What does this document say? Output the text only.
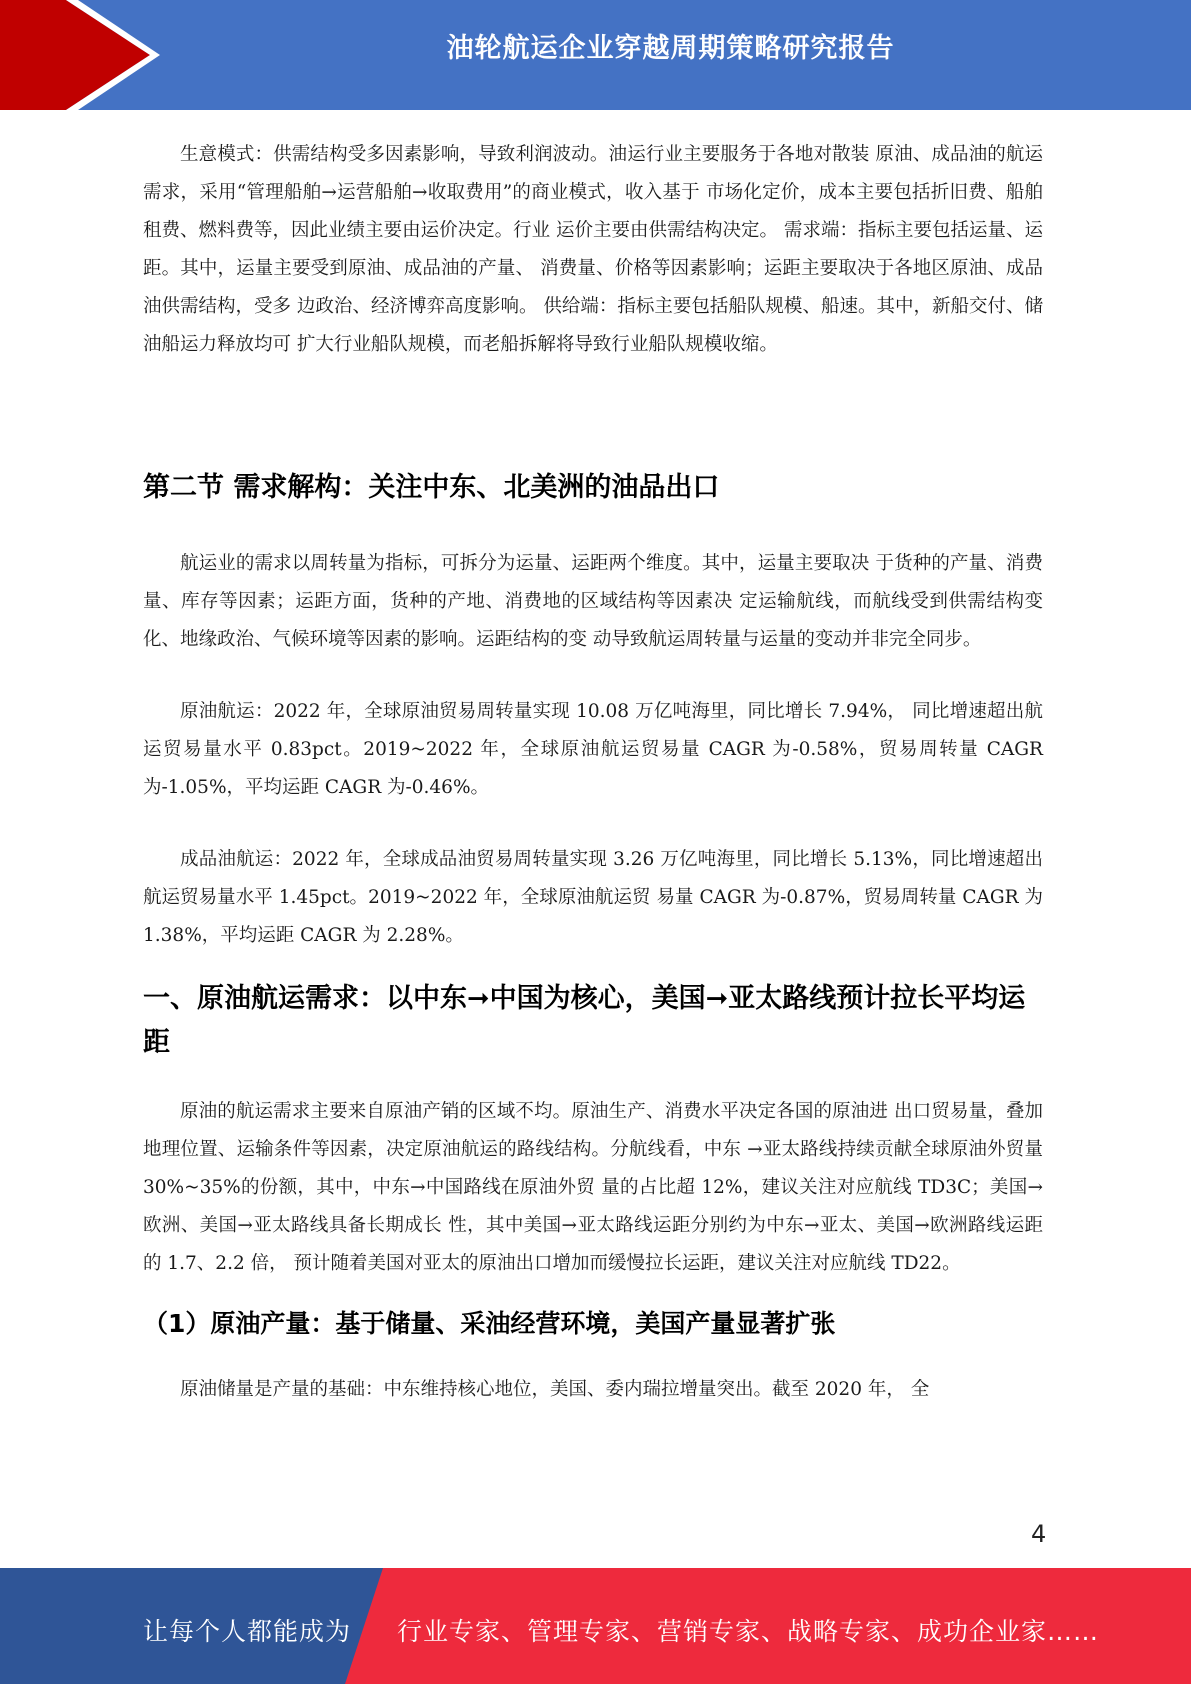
油轮航运企业穿越周期策略研究报告

生意模式：供需结构受多因素影响，导致利润波动。油运行业主要服务于各地对散装 原油、成品油的航运需求，采用“管理船舶→运营船舶→收取费用”的商业模式，收入基于 市场化定价，成本主要包括折旧费、船舶租费、燃料费等，因此业绩主要由运价决定。行业 运价主要由供需结构决定。 需求端：指标主要包括运量、运距。其中，运量主要受到原油、成品油的产量、 消费量、价格等因素影响；运距主要取决于各地区原油、成品油供需结构，受多 边政治、经济博弈高度影响。 供给端：指标主要包括船队规模、船速。其中，新船交付、储油船运力释放均可 扩大行业船队规模，而老船拆解将导致行业船队规模收缩。

第二节 需求解构：关注中东、北美洲的油品出口

航运业的需求以周转量为指标，可拆分为运量、运距两个维度。其中，运量主要取决 于货种的产量、消费量、库存等因素；运距方面，货种的产地、消费地的区域结构等因素决 定运输航线，而航线受到供需结构变化、地缘政治、气候环境等因素的影响。运距结构的变 动导致航运周转量与运量的变动并非完全同步。

原油航运：2022 年，全球原油贸易周转量实现 10.08 万亿吨海里，同比增长 7.94%， 同比增速超出航运贸易量水平 0.83pct。2019~2022 年，全球原油航运贸易量 CAGR 为-0.58%，贸易周转量 CAGR 为-1.05%，平均运距 CAGR 为-0.46%。

成品油航运：2022 年，全球成品油贸易周转量实现 3.26 万亿吨海里，同比增长 5.13%，同比增速超出航运贸易量水平 1.45pct。2019~2022 年，全球原油航运贸 易量 CAGR 为-0.87%，贸易周转量 CAGR 为 1.38%，平均运距 CAGR 为 2.28%。

一、原油航运需求：以中东➞中国为核心，美国➞亚太路线预计拉长平均运距

原油的航运需求主要来自原油产销的区域不均。原油生产、消费水平决定各国的原油进 出口贸易量，叠加地理位置、运输条件等因素，决定原油航运的路线结构。分航线看，中东 →亚太路线持续贡献全球原油外贸量 30%~35%的份额，其中，中东→中国路线在原油外贸 量的占比超 12%，建议关注对应航线 TD3C；美国→欧洲、美国→亚太路线具备长期成长 性，其中美国→亚太路线运距分别约为中东→亚太、美国→欧洲路线运距的 1.7、2.2 倍， 预计随着美国对亚太的原油出口增加而缓慢拉长运距，建议关注对应航线 TD22。

（1）原油产量：基于储量、采油经营环境，美国产量显著扩张

原油储量是产量的基础：中东维持核心地位，美国、委内瑞拉增量突出。截至 2020 年， 全

4
让每个人都能成为 行业专家、管理专家、营销专家、战略专家、成功企业家……
